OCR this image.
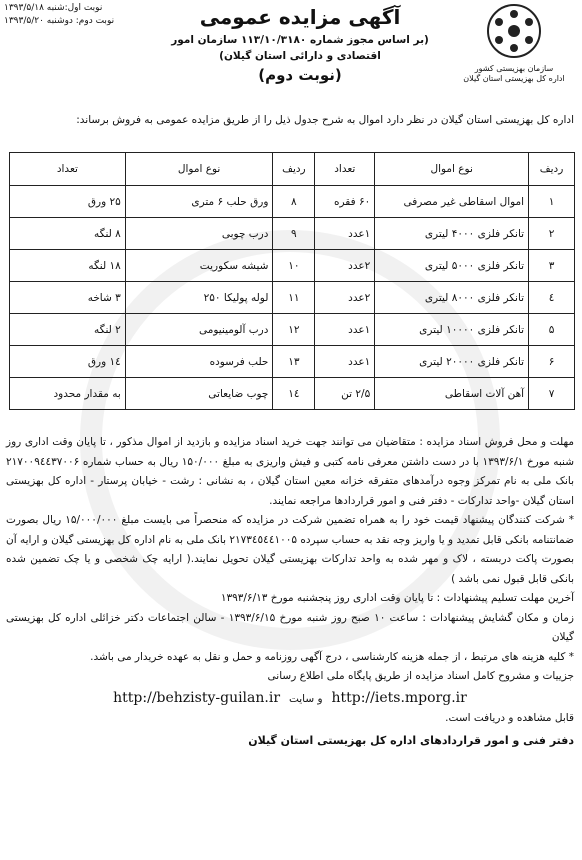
نوبت اول:شنبه ۱۳۹۳/۵/۱۸
نوبت دوم: دوشنبه ۱۳۹۳/۵/۲۰
سازمان بهزیستی کشور
اداره کل بهزیستی استان گیلان
آگهی مزایده عمومی
(بر اساس مجوز شماره ۱۱۳/۱۰/۳۱۸۰ سازمان امور اقتصادی و دارائی استان گیلان)
(نوبت دوم)
اداره کل بهزیستی استان گیلان در نظر دارد اموال به شرح جدول ذیل را از طریق مزایده عمومی به فروش برساند:
ردیف	نوع اموال	تعداد	ردیف	نوع اموال	تعداد
۱	اموال اسقاطی غیر مصرفی	۶۰ فقره	۸	ورق حلب ۶ متری	۲۵ ورق
۲	تانکر فلزی ۴۰۰۰ لیتری	۱عدد	۹	درب چوبی	۸ لنگه
۳	تانکر فلزی ۵۰۰۰ لیتری	۲عدد	۱۰	شیشه سکوریت	۱۸ لنگه
٤	تانکر فلزی ۸۰۰۰ لیتری	۲عدد	۱۱	لوله پولیکا ۲۵۰	۳ شاخه
۵	تانکر فلزی ۱۰۰۰۰ لیتری	۱عدد	۱۲	درب آلومینیومی	۲ لنگه
۶	تانکر فلزی ۲۰۰۰۰ لیتری	۱عدد	۱۳	حلب فرسوده	۱٤ ورق
۷	آهن آلات اسقاطی	۲/۵ تن	۱٤	چوب ضایعاتی	به مقدار محدود

مهلت و محل فروش اسناد مزایده : متقاضیان می توانند جهت خرید اسناد مزایده و بازدید از اموال مذکور ، تا پایان وقت اداری روز شنبه مورخ ۱۳۹۳/۶/۱ با در دست داشتن معرفی نامه کتبی و فیش واریزی به مبلغ ۱۵۰/۰۰۰ ریال به حساب شماره ۲۱۷۰۰۹٤٤۳۷۰۰۶ بانک ملی به نام تمرکز وجوه درآمدهای متفرقه خزانه معین استان گیلان ، به نشانی : رشت - خیابان پرستار - اداره کل بهزیستی استان گیلان -واحد تدارکات - دفتر فنی و امور قراردادها مراجعه نمایند.

* شرکت کنندگان پیشنهاد قیمت خود را به همراه تضمین شرکت در مزایده که منحصراً می بایست مبلغ ۱۵/۰۰۰/۰۰۰ ریال بصورت ضمانتنامه بانکی قابل تمدید و یا واریز وجه نقد به حساب سپرده ۲۱۷۳٤٥٤٤۱۰۰۵ بانک ملی به نام اداره کل بهزیستی گیلان و ارایه آن بصورت پاکت دربسته ، لاک و مهر شده به واحد تدارکات بهزیستی گیلان تحویل نمایند.( ارایه چک شخصی و یا چک تضمین شده بانکی قابل قبول نمی باشد )

آخرین مهلت تسلیم پیشنهادات : تا پایان وقت اداری روز پنجشنبه مورخ ۱۳۹۳/۶/۱۳

زمان و مکان گشایش پیشنهادات : ساعت ۱۰ صبح روز شنبه مورخ ۱۳۹۳/۶/۱۵ - سالن اجتماعات دکتر خزائلی اداره کل بهزیستی گیلان

* کلیه هزینه های مرتبط ، از جمله هزینه کارشناسی ، درج آگهی روزنامه و حمل و نقل به عهده خریدار می باشد.

جزییات و مشروح کامل اسناد مزایده از طریق پایگاه ملی اطلاع رسانی

http://behzisty-guilan.ir و سایت http://iets.mporg.ir

قابل مشاهده و دریافت است.

دفتر فنی و امور قراردادهای اداره کل بهزیستی استان گیلان
